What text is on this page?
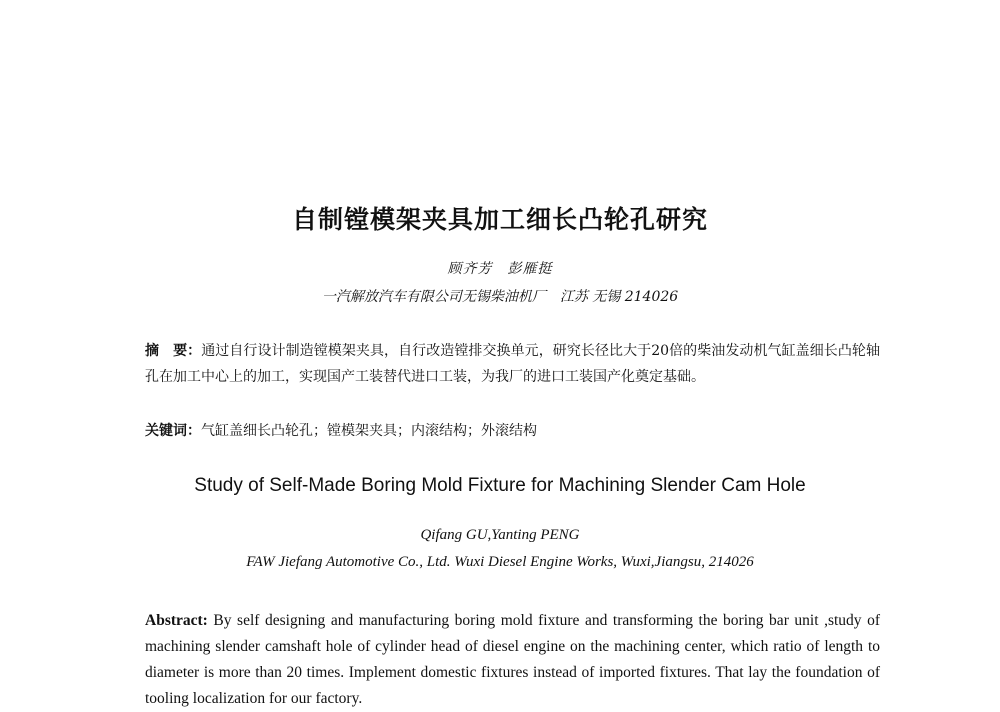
自制镗模架夹具加工细长凸轮孔研究
顾齐芳　彭雁挺
一汽解放汽车有限公司无锡柴油机厂　江苏 无锡 214026
摘　要：通过自行设计制造镗模架夹具，自行改造镗排交换单元，研究长径比大于20倍的柴油发动机气缸盖细长凸轮轴孔在加工中心上的加工，实现国产工装替代进口工装，为我厂的进口工装国产化奠定基础。
关键词：气缸盖细长凸轮孔；镗模架夹具；内滚结构；外滚结构
Study of Self-Made Boring Mold Fixture for Machining Slender Cam Hole
Qifang GU,Yanting PENG
FAW Jiefang Automotive Co., Ltd. Wuxi Diesel Engine Works, Wuxi,Jiangsu, 214026
Abstract: By self designing and manufacturing boring mold fixture and transforming the boring bar unit ,study of machining slender camshaft hole of cylinder head of diesel engine on the machining center, which ratio of length to diameter is more than 20 times. Implement domestic fixtures instead of imported fixtures. That lay the foundation of tooling localization for our factory.
